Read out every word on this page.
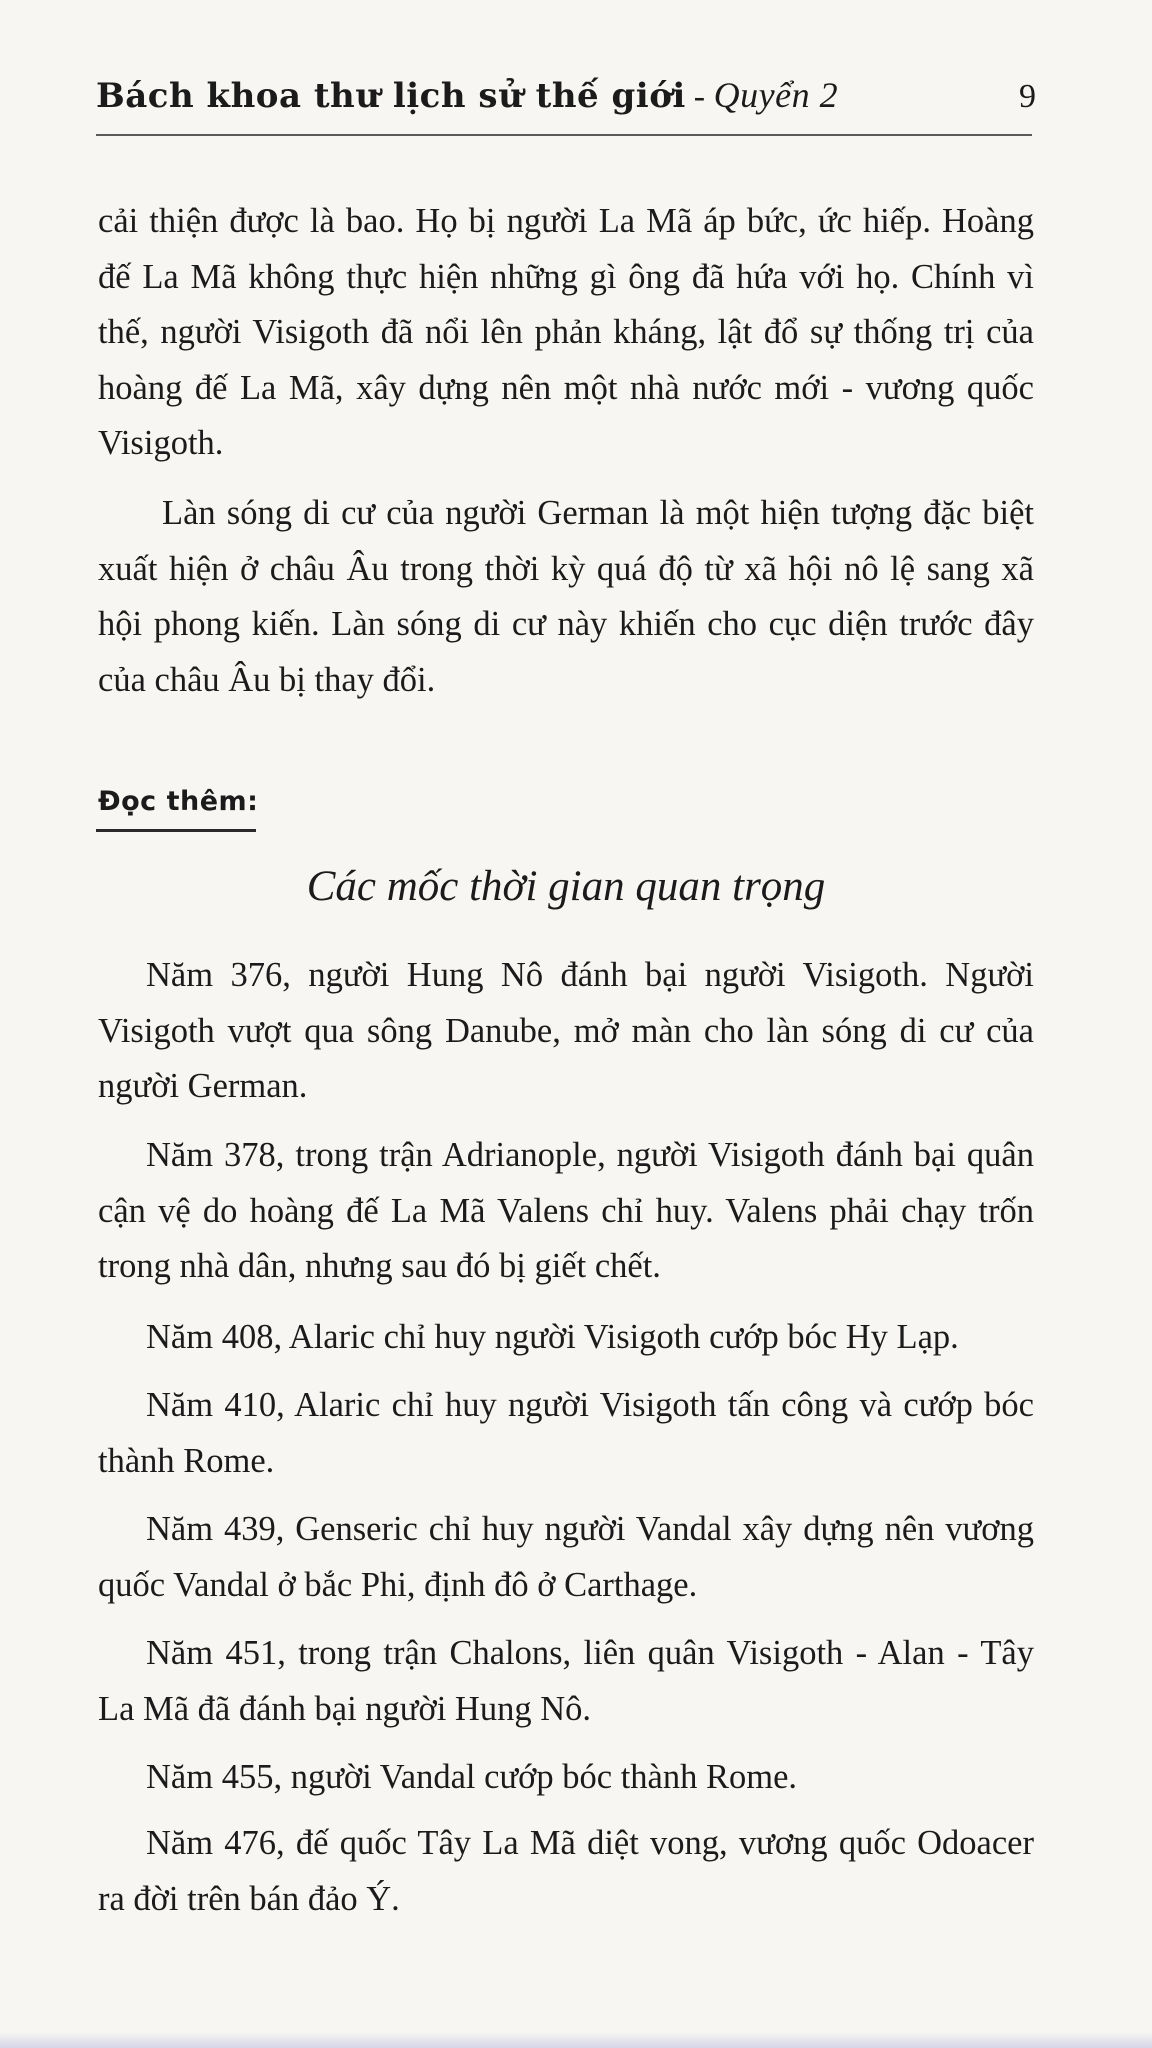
Bách khoa thư lịch sử thế giới - Quyển 2	9

cải thiện được là bao. Họ bị người La Mã áp bức, ức hiếp. Hoàng đế La Mã không thực hiện những gì ông đã hứa với họ. Chính vì thế, người Visigoth đã nổi lên phản kháng, lật đổ sự thống trị của hoàng đế La Mã, xây dựng nên một nhà nước mới - vương quốc Visigoth.

Làn sóng di cư của người German là một hiện tượng đặc biệt xuất hiện ở châu Âu trong thời kỳ quá độ từ xã hội nô lệ sang xã hội phong kiến. Làn sóng di cư này khiến cho cục diện trước đây của châu Âu bị thay đổi.

Đọc thêm:
Các mốc thời gian quan trọng

Năm 376, người Hung Nô đánh bại người Visigoth. Người Visigoth vượt qua sông Danube, mở màn cho làn sóng di cư của người German.

Năm 378, trong trận Adrianople, người Visigoth đánh bại quân cận vệ do hoàng đế La Mã Valens chỉ huy. Valens phải chạy trốn trong nhà dân, nhưng sau đó bị giết chết.

Năm 408, Alaric chỉ huy người Visigoth cướp bóc Hy Lạp.

Năm 410, Alaric chỉ huy người Visigoth tấn công và cướp bóc thành Rome.

Năm 439, Genseric chỉ huy người Vandal xây dựng nên vương quốc Vandal ở bắc Phi, định đô ở Carthage.

Năm 451, trong trận Chalons, liên quân Visigoth - Alan - Tây La Mã đã đánh bại người Hung Nô.

Năm 455, người Vandal cướp bóc thành Rome.

Năm 476, đế quốc Tây La Mã diệt vong, vương quốc Odoacer ra đời trên bán đảo Ý.
